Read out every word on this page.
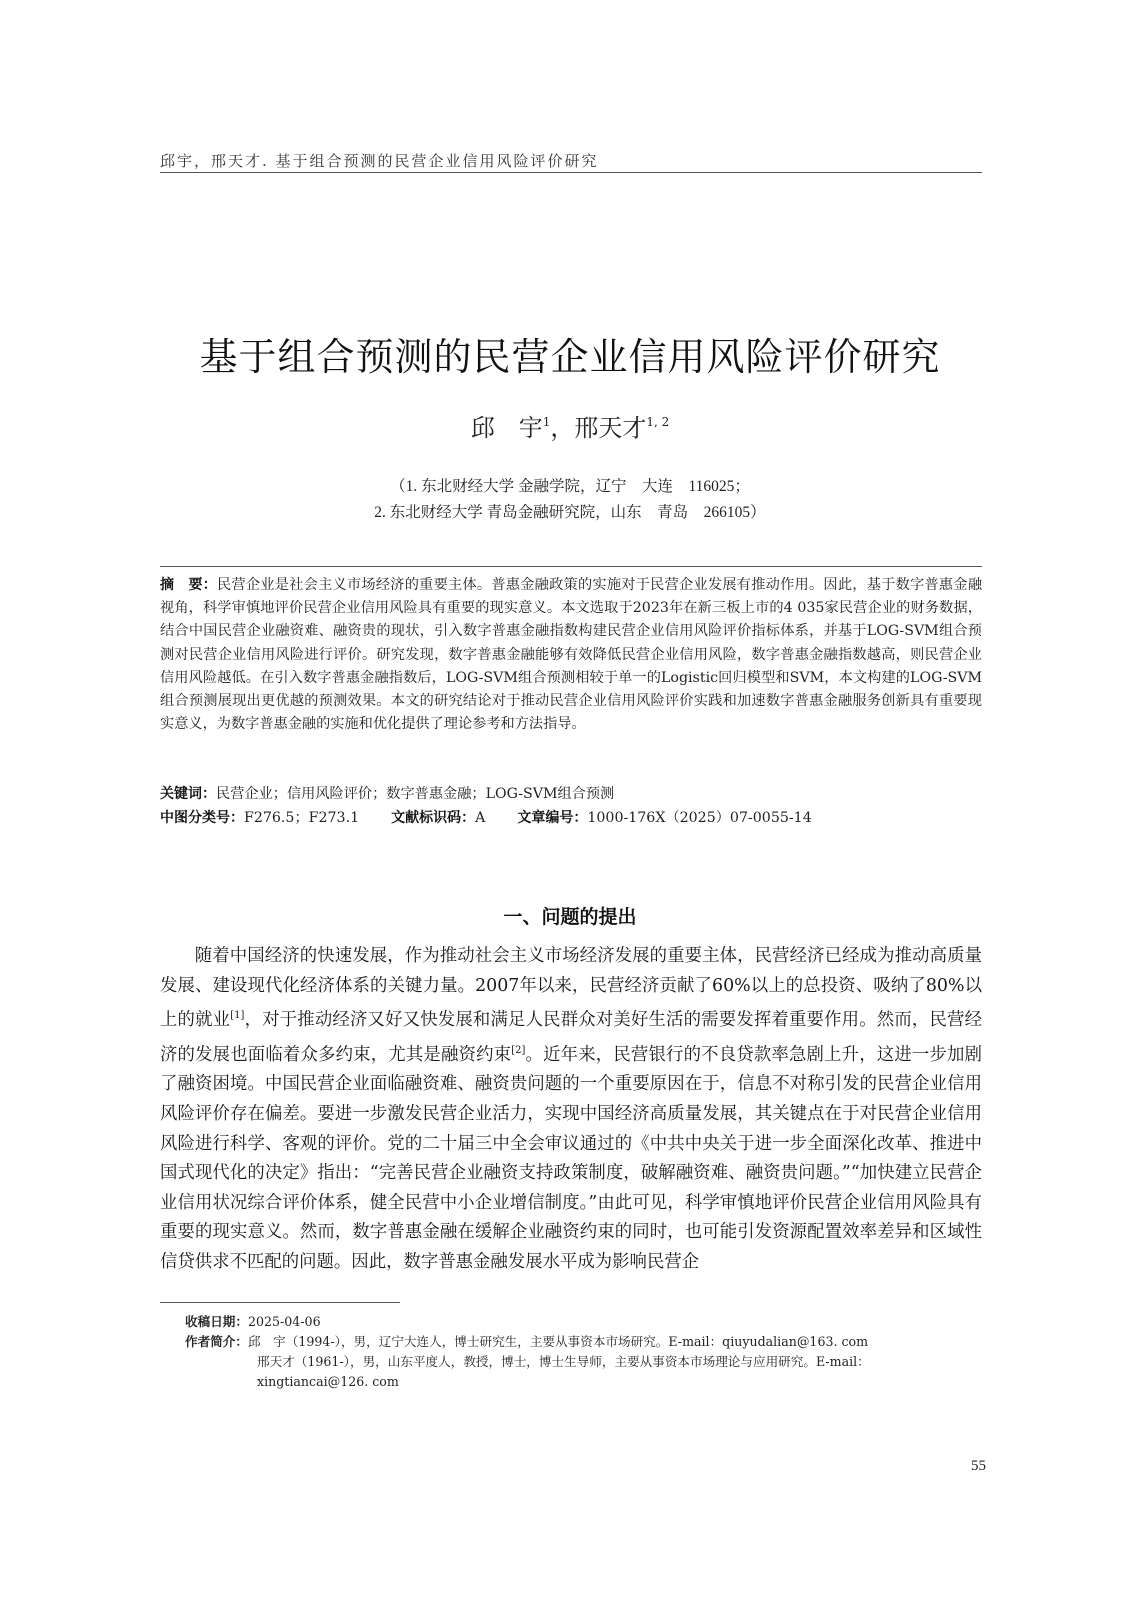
邱宇，邢天才. 基于组合预测的民营企业信用风险评价研究
基于组合预测的民营企业信用风险评价研究
邱　宇$^1$，邢天才$^{1, 2}$
（1. 东北财经大学 金融学院，辽宁　大连　116025；
2. 东北财经大学 青岛金融研究院，山东　青岛　266105）

摘　要：民营企业是社会主义市场经济的重要主体。普惠金融政策的实施对于民营企业发展有推动作用。因此，基于数字普惠金融视角，科学审慎地评价民营企业信用风险具有重要的现实意义。本文选取于2023年在新三板上市的4 035家民营企业的财务数据，结合中国民营企业融资难、融资贵的现状，引入数字普惠金融指数构建民营企业信用风险评价指标体系，并基于LOG-SVM组合预测对民营企业信用风险进行评价。研究发现，数字普惠金融能够有效降低民营企业信用风险，数字普惠金融指数越高，则民营企业信用风险越低。在引入数字普惠金融指数后，LOG-SVM组合预测相较于单一的Logistic回归模型和SVM，本文构建的LOG-SVM组合预测展现出更优越的预测效果。本文的研究结论对于推动民营企业信用风险评价实践和加速数字普惠金融服务创新具有重要现实意义，为数字普惠金融的实施和优化提供了理论参考和方法指导。

关键词：民营企业；信用风险评价；数字普惠金融；LOG-SVM组合预测

中图分类号：F276.5；F273.1 文献标识码：A 文章编号：1000-176X（2025）07-0055-14

一、问题的提出

随着中国经济的快速发展，作为推动社会主义市场经济发展的重要主体，民营经济已经成为推动高质量发展、建设现代化经济体系的关键力量。2007年以来，民营经济贡献了60%以上的总投资、吸纳了80%以上的就业[1]，对于推动经济又好又快发展和满足人民群众对美好生活的需要发挥着重要作用。然而，民营经济的发展也面临着众多约束，尤其是融资约束[2]。近年来，民营银行的不良贷款率急剧上升，这进一步加剧了融资困境。中国民营企业面临融资难、融资贵问题的一个重要原因在于，信息不对称引发的民营企业信用风险评价存在偏差。要进一步激发民营企业活力，实现中国经济高质量发展，其关键点在于对民营企业信用风险进行科学、客观的评价。党的二十届三中全会审议通过的《中共中央关于进一步全面深化改革、推进中国式现代化的决定》指出：“完善民营企业融资支持政策制度，破解融资难、融资贵问题。”“加快建立民营企业信用状况综合评价体系，健全民营中小企业增信制度。”由此可见，科学审慎地评价民营企业信用风险具有重要的现实意义。然而，数字普惠金融在缓解企业融资约束的同时，也可能引发资源配置效率差异和区域性信贷供求不匹配的问题。因此，数字普惠金融发展水平成为影响民营企

收稿日期： 2025-04-06
作者简介： 邱　宇（1994-），男，辽宁大连人，博士研究生，主要从事资本市场研究。E-mail：qiuyudalian@163. com
邢天才（1961-），男，山东平度人，教授，博士，博士生导师，主要从事资本市场理论与应用研究。E-mail：
xingtiancai@126. com
55
